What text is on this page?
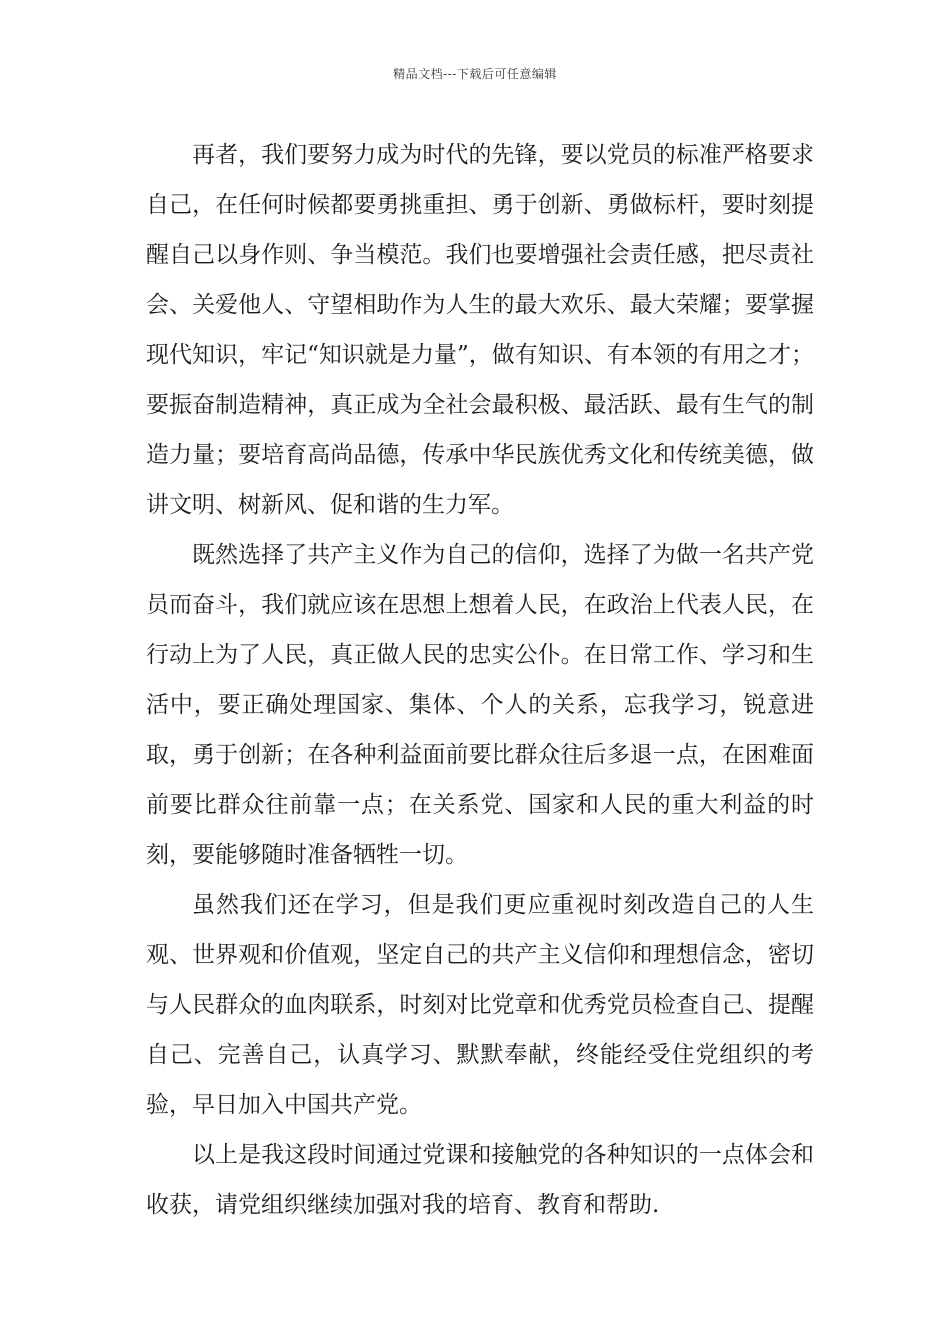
精品文档---下载后可任意编辑

再者，我们要努力成为时代的先锋，要以党员的标准严格要求自己，在任何时候都要勇挑重担、勇于创新、勇做标杆，要时刻提醒自己以身作则、争当模范。我们也要增强社会责任感，把尽责社会、关爱他人、守望相助作为人生的最大欢乐、最大荣耀；要掌握现代知识，牢记“知识就是力量”，做有知识、有本领的有用之才；要振奋制造精神，真正成为全社会最积极、最活跃、最有生气的制造力量；要培育高尚品德，传承中华民族优秀文化和传统美德，做讲文明、树新风、促和谐的生力军。

既然选择了共产主义作为自己的信仰，选择了为做一名共产党员而奋斗，我们就应该在思想上想着人民，在政治上代表人民，在行动上为了人民，真正做人民的忠实公仆。在日常工作、学习和生活中，要正确处理国家、集体、个人的关系，忘我学习，锐意进取，勇于创新；在各种利益面前要比群众往后多退一点，在困难面前要比群众往前靠一点；在关系党、国家和人民的重大利益的时刻，要能够随时准备牺牲一切。

虽然我们还在学习，但是我们更应重视时刻改造自己的人生观、世界观和价值观，坚定自己的共产主义信仰和理想信念，密切与人民群众的血肉联系，时刻对比党章和优秀党员检查自己、提醒自己、完善自己，认真学习、默默奉献，终能经受住党组织的考验，早日加入中国共产党。

以上是我这段时间通过党课和接触党的各种知识的一点体会和收获，请党组织继续加强对我的培育、教育和帮助.
